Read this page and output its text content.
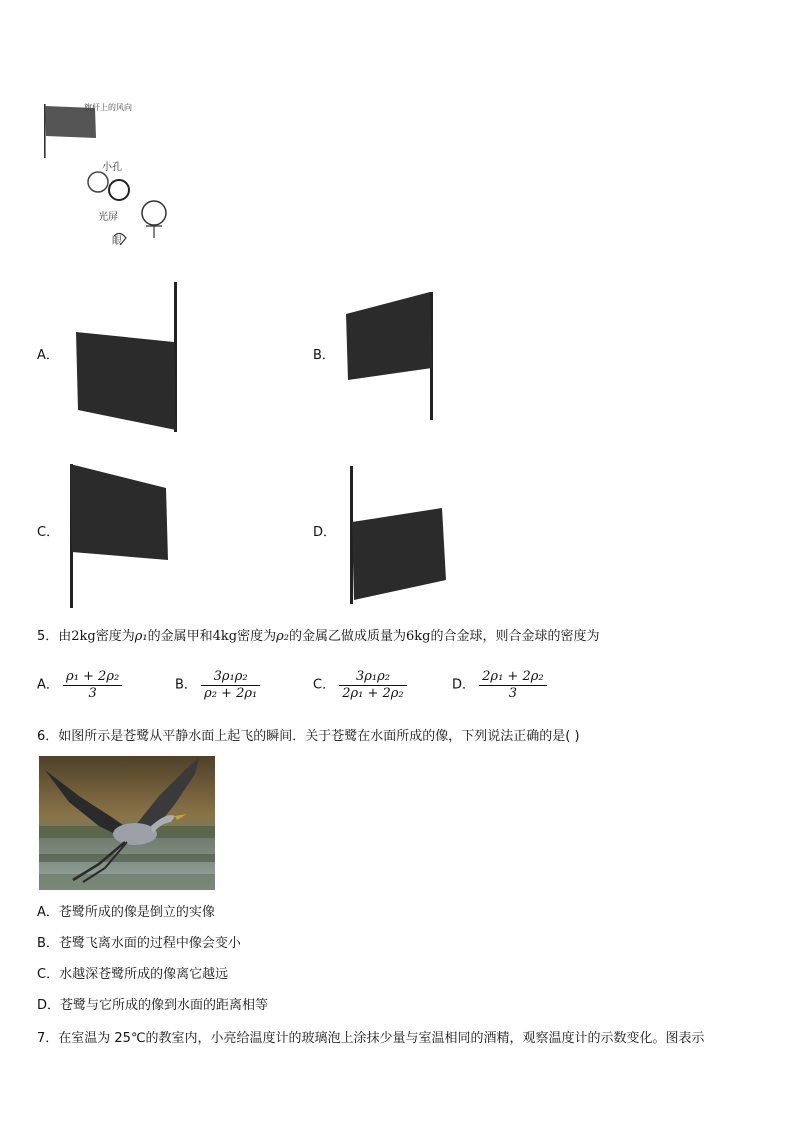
旗杆上的风向
小孔
光屏
眼
A．	B．
C．	D．
5．由2kg密度为ρ₁的金属甲和4kg密度为ρ₂的金属乙做成质量为6kg的合金球，则合金球的密度为
A． $\frac{\text{ρ₁ + 2ρ₂}}{3}$	B． $\frac{\text{3ρ₁ρ₂}}{\text{ρ₂ + 2ρ₁}}$	C． $\frac{\text{3ρ₁ρ₂}}{\text{2ρ₁ + 2ρ₂}}$	D． $\frac{\text{2ρ₁ + 2ρ₂}}{3}$
6．如图所示是苍鹭从平静水面上起飞的瞬间．关于苍鹭在水面所成的像，下列说法正确的是( )
A．苍鹭所成的像是倒立的实像
B．苍鹭飞离水面的过程中像会变小
C．水越深苍鹭所成的像离它越远
D．苍鹭与它所成的像到水面的距离相等
7．在室温为 25℃的教室内，小亮给温度计的玻璃泡上涂抹少量与室温相同的酒精，观察温度计的示数变化。图表示
